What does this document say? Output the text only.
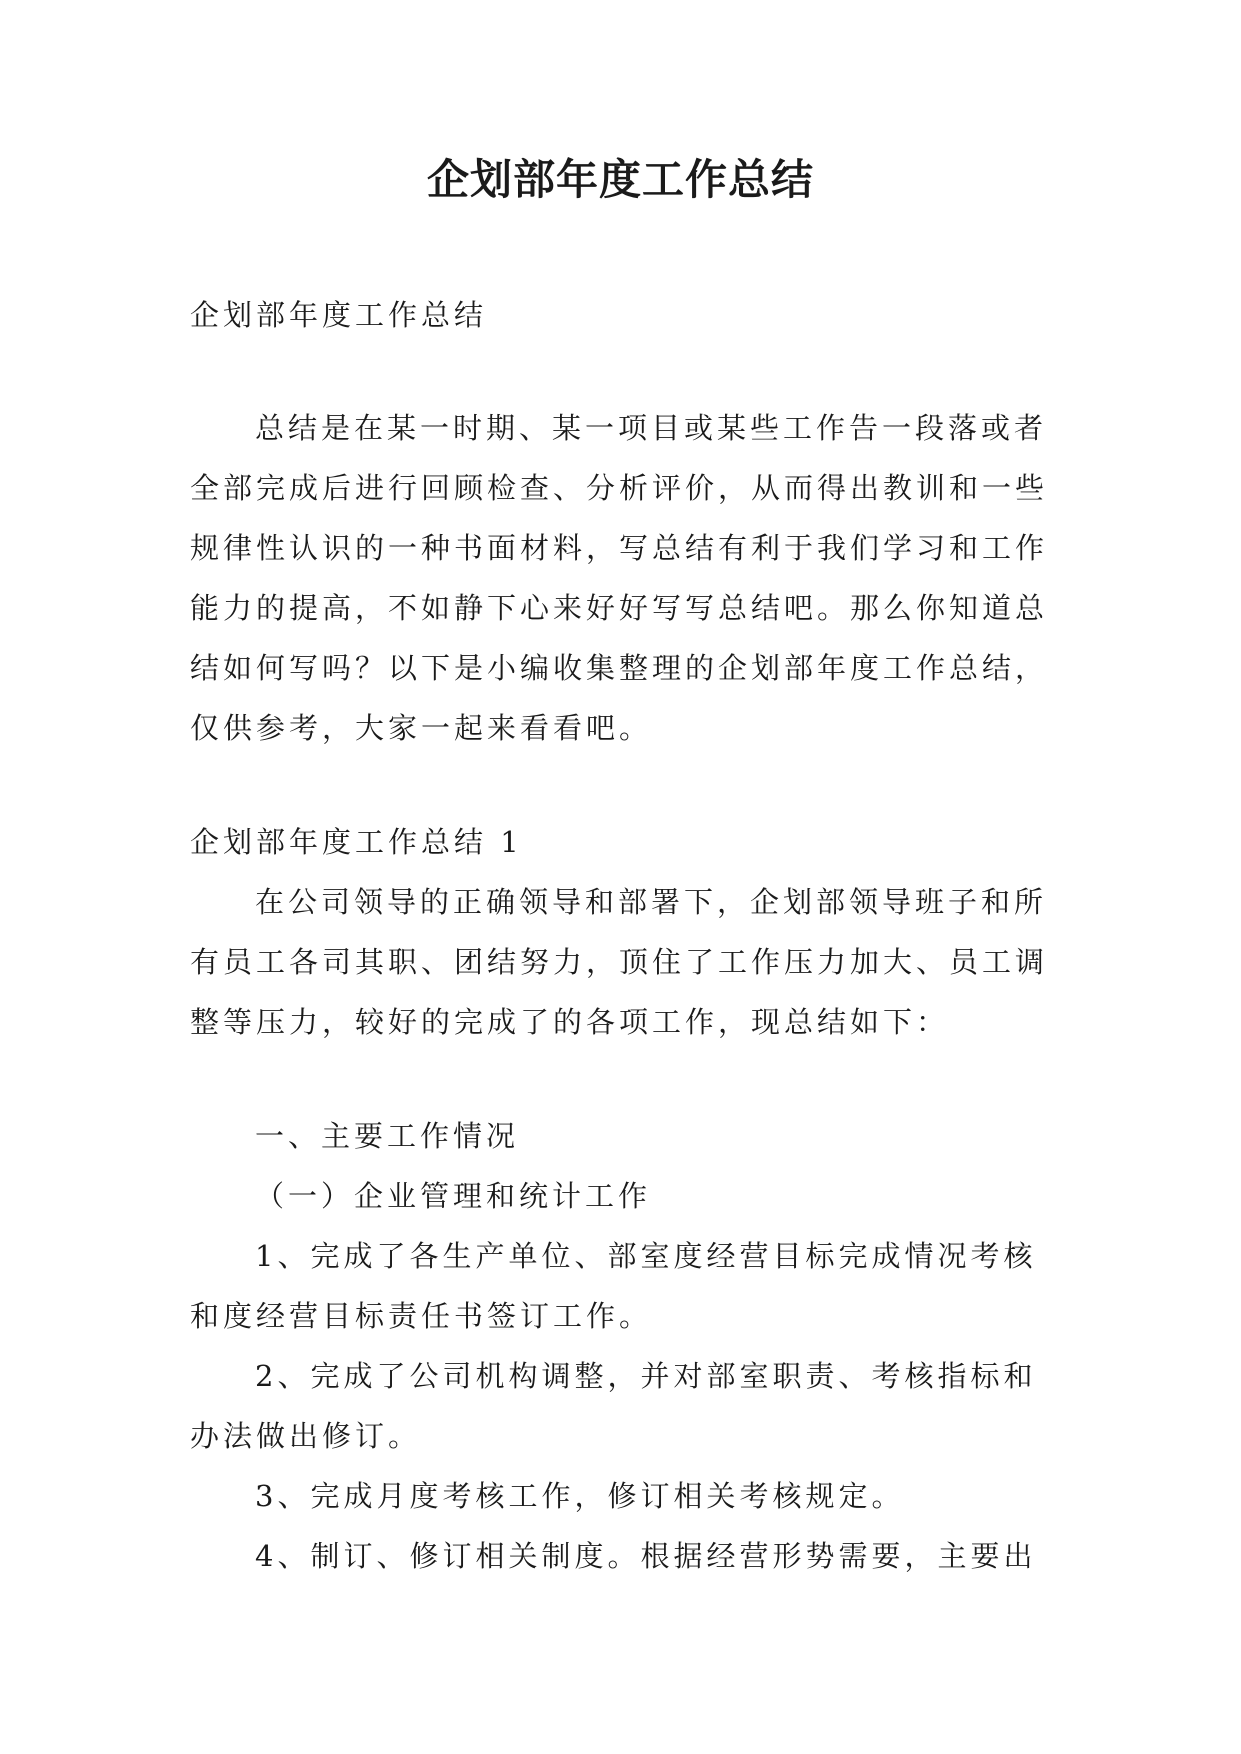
企划部年度工作总结

企划部年度工作总结

总结是在某一时期、某一项目或某些工作告一段落或者

全部完成后进行回顾检查、分析评价，从而得出教训和一些

规律性认识的一种书面材料，写总结有利于我们学习和工作

能力的提高，不如静下心来好好写写总结吧。那么你知道总

结如何写吗？以下是小编收集整理的企划部年度工作总结，

仅供参考，大家一起来看看吧。

企划部年度工作总结 1

在公司领导的正确领导和部署下，企划部领导班子和所

有员工各司其职、团结努力，顶住了工作压力加大、员工调

整等压力，较好的完成了的各项工作，现总结如下：

一、主要工作情况

（一）企业管理和统计工作

1、完成了各生产单位、部室度经营目标完成情况考核

和度经营目标责任书签订工作。

2、完成了公司机构调整，并对部室职责、考核指标和

办法做出修订。

3、完成月度考核工作，修订相关考核规定。

4、制订、修订相关制度。根据经营形势需要，主要出
